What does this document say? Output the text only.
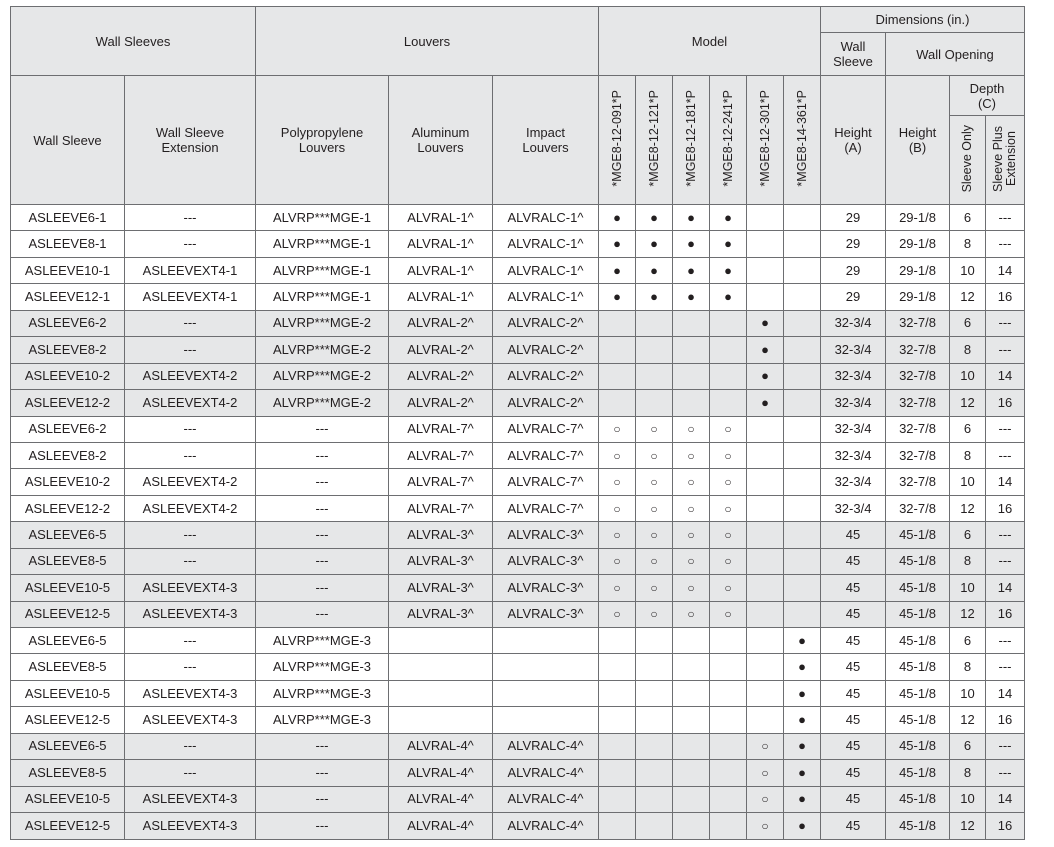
Wall Sleeves		Louvers			Model						Dimensions (in.)			
											Wall Sleeve	Wall Opening		
Wall Sleeve	Wall Sleeve Extension	Polypropylene Louvers	Aluminum Louvers	Impact Louvers	*MGE8-12-091*P	*MGE8-12-121*P	*MGE8-12-181*P	*MGE8-12-241*P	*MGE8-12-301*P	*MGE8-14-361*P	Height (A)	Height (B)	Depth (C)	
													Sleeve Only	Sleeve Plus Extension
ASLEEVE6-1	---	ALVRP***MGE-1	ALVRAL-1^	ALVRALC-1^	●	●	●	●			29	29-1/8	6	---
ASLEEVE8-1	---	ALVRP***MGE-1	ALVRAL-1^	ALVRALC-1^	●	●	●	●			29	29-1/8	8	---
ASLEEVE10-1	ASLEEVEXT4-1	ALVRP***MGE-1	ALVRAL-1^	ALVRALC-1^	●	●	●	●			29	29-1/8	10	14
ASLEEVE12-1	ASLEEVEXT4-1	ALVRP***MGE-1	ALVRAL-1^	ALVRALC-1^	●	●	●	●			29	29-1/8	12	16
ASLEEVE6-2	---	ALVRP***MGE-2	ALVRAL-2^	ALVRALC-2^					●		32-3/4	32-7/8	6	---
ASLEEVE8-2	---	ALVRP***MGE-2	ALVRAL-2^	ALVRALC-2^					●		32-3/4	32-7/8	8	---
ASLEEVE10-2	ASLEEVEXT4-2	ALVRP***MGE-2	ALVRAL-2^	ALVRALC-2^					●		32-3/4	32-7/8	10	14
ASLEEVE12-2	ASLEEVEXT4-2	ALVRP***MGE-2	ALVRAL-2^	ALVRALC-2^					●		32-3/4	32-7/8	12	16
ASLEEVE6-2	---	---	ALVRAL-7^	ALVRALC-7^	○	○	○	○			32-3/4	32-7/8	6	---
ASLEEVE8-2	---	---	ALVRAL-7^	ALVRALC-7^	○	○	○	○			32-3/4	32-7/8	8	---
ASLEEVE10-2	ASLEEVEXT4-2	---	ALVRAL-7^	ALVRALC-7^	○	○	○	○			32-3/4	32-7/8	10	14
ASLEEVE12-2	ASLEEVEXT4-2	---	ALVRAL-7^	ALVRALC-7^	○	○	○	○			32-3/4	32-7/8	12	16
ASLEEVE6-5	---	---	ALVRAL-3^	ALVRALC-3^	○	○	○	○			45	45-1/8	6	---
ASLEEVE8-5	---	---	ALVRAL-3^	ALVRALC-3^	○	○	○	○			45	45-1/8	8	---
ASLEEVE10-5	ASLEEVEXT4-3	---	ALVRAL-3^	ALVRALC-3^	○	○	○	○			45	45-1/8	10	14
ASLEEVE12-5	ASLEEVEXT4-3	---	ALVRAL-3^	ALVRALC-3^	○	○	○	○			45	45-1/8	12	16
ASLEEVE6-5	---	ALVRP***MGE-3								●	45	45-1/8	6	---
ASLEEVE8-5	---	ALVRP***MGE-3								●	45	45-1/8	8	---
ASLEEVE10-5	ASLEEVEXT4-3	ALVRP***MGE-3								●	45	45-1/8	10	14
ASLEEVE12-5	ASLEEVEXT4-3	ALVRP***MGE-3								●	45	45-1/8	12	16
ASLEEVE6-5	---	---	ALVRAL-4^	ALVRALC-4^					○	●	45	45-1/8	6	---
ASLEEVE8-5	---	---	ALVRAL-4^	ALVRALC-4^					○	●	45	45-1/8	8	---
ASLEEVE10-5	ASLEEVEXT4-3	---	ALVRAL-4^	ALVRALC-4^					○	●	45	45-1/8	10	14
ASLEEVE12-5	ASLEEVEXT4-3	---	ALVRAL-4^	ALVRALC-4^					○	●	45	45-1/8	12	16
